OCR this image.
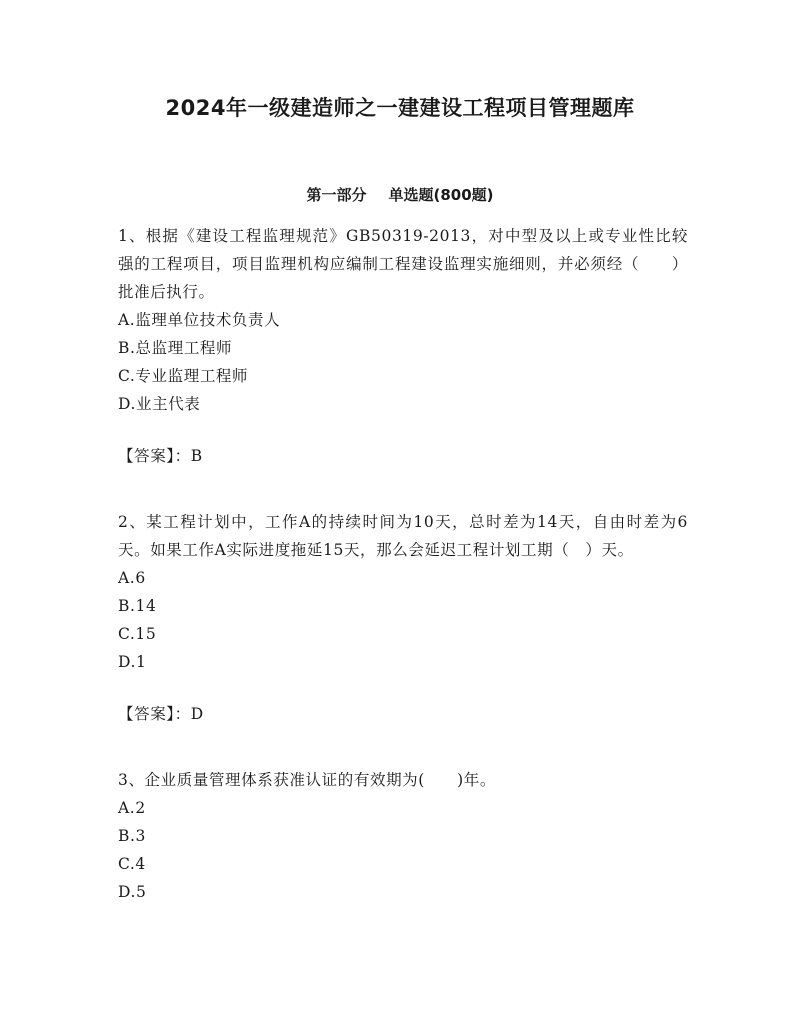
2024年一级建造师之一建建设工程项目管理题库
第一部分 单选题(800题)
1、根据《建设工程监理规范》GB50319-2013，对中型及以上或专业性比较强的工程项目，项目监理机构应编制工程建设监理实施细则，并必须经（　　）批准后执行。
A.监理单位技术负责人
B.总监理工程师
C.专业监理工程师
D.业主代表
【答案】：B
2、某工程计划中，工作A的持续时间为10天，总时差为14天，自由时差为6天。如果工作A实际进度拖延15天，那么会延迟工程计划工期（　）天。
A.6
B.14
C.15
D.1
【答案】：D
3、企业质量管理体系获准认证的有效期为(　　)年。
A.2
B.3
C.4
D.5
